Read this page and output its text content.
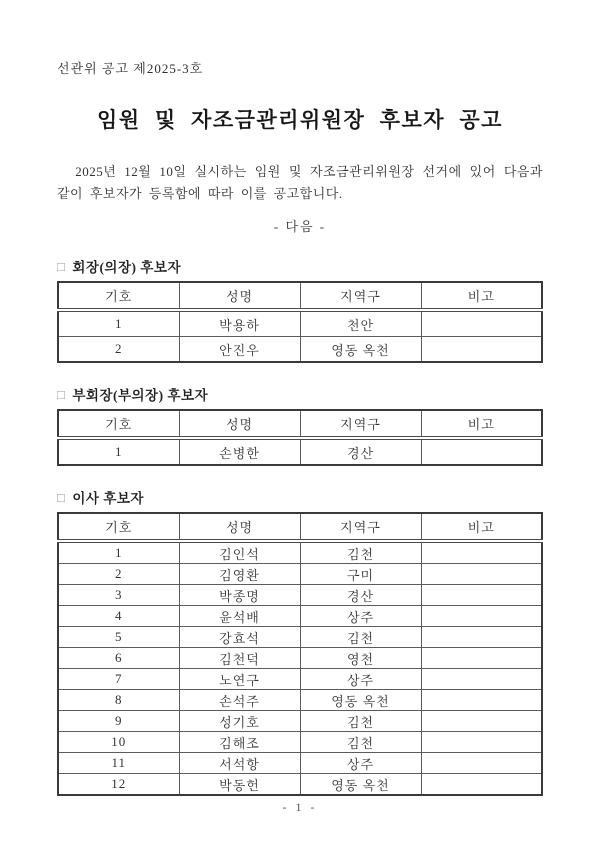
선관위 공고 제2025-3호
임원 및 자조금관리위원장 후보자 공고

2025년 12월 10일 실시하는 임원 및 자조금관리위원장 선거에 있어 다음과 같이 후보자가 등록함에 따라 이를 공고합니다.

- 다음 -
□ 회장(의장) 후보자
기호	성명	지역구	비고
1	박용하	천안	
2	안진우	영동 옥천	
□ 부회장(부의장) 후보자
기호	성명	지역구	비고
1	손병한	경산	
□ 이사 후보자
기호	성명	지역구	비고
1	김인석	김천	
2	김영환	구미	
3	박종명	경산	
4	윤석배	상주	
5	강효석	김천	
6	김천덕	영천	
7	노연구	상주	
8	손석주	영동 옥천	
9	성기호	김천	
10	김해조	김천	
11	서석항	상주	
12	박동헌	영동 옥천	
- 1 -
